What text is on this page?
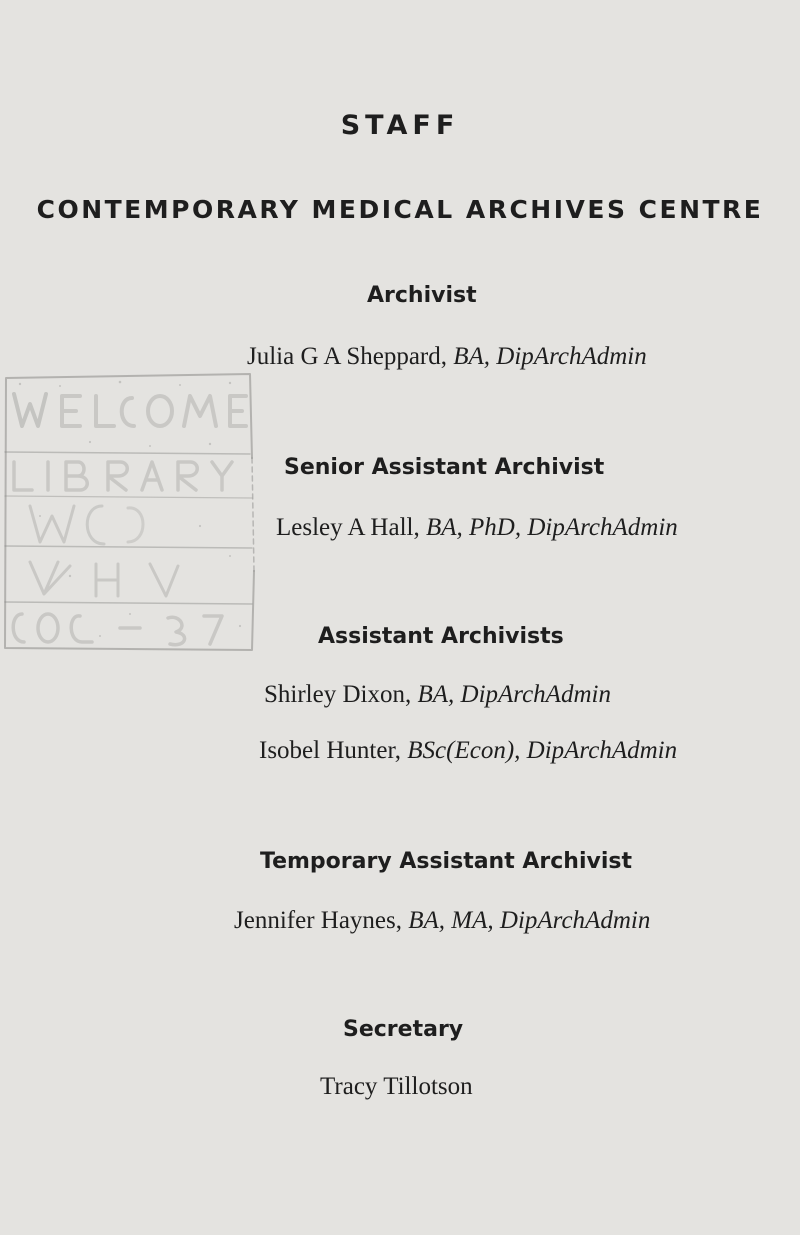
STAFF
CONTEMPORARY MEDICAL ARCHIVES CENTRE
Archivist
Julia G A Sheppard, BA, DipArchAdmin
Senior Assistant Archivist
Lesley A Hall, BA, PhD, DipArchAdmin
Assistant Archivists
Shirley Dixon, BA, DipArchAdmin
Isobel Hunter, BSc(Econ), DipArchAdmin
Temporary Assistant Archivist
Jennifer Haynes, BA, MA, DipArchAdmin
Secretary
Tracy Tillotson
